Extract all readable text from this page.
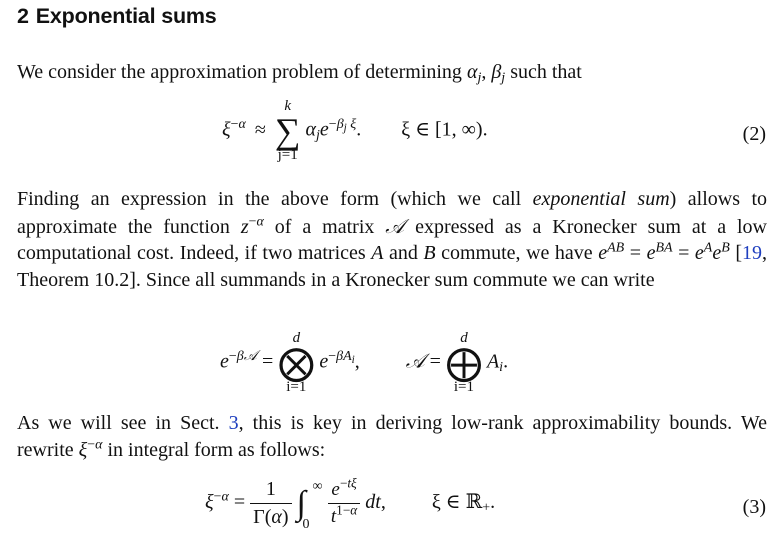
2 Exponential sums
We consider the approximation problem of determining $\alpha_j$, $\beta_j$ such that
$\xi^{-\alpha}$ ≈
k
∑
j=1
$\alpha_je^{-\beta_j \xi}$.  ξ ∈ [1, ∞).	(2)
Finding an expression in the above form (which we call exponential sum) allows to approximate the function $z^{-\alpha}$ of a matrix 𝒜 expressed as a Kronecker sum at a low computational cost. Indeed, if two matrices A and B commute, we have $e^{AB} = e^{BA} = e^Ae^B$ [19, Theorem 10.2]. Since all summands in a Kronecker sum commute we can write
$e^{-\beta 𝒜}$ =
d
⨂
i=1
$e^{-\beta A_i}$,  𝒜 =
d
⨁
i=1
$A_i$.
As we will see in Sect. 3, this is key in deriving low-rank approximability bounds. We rewrite $\xi^{-\alpha}$ in integral form as follows:
$\xi^{-\alpha} = \frac{1}{\Gamma(\alpha)}$ ∫ ∞
0
$\frac{e^{-t\xi}}{t^{1-\alpha}}$ dt,  ξ ∈ ℝ$_+$.	(3)
